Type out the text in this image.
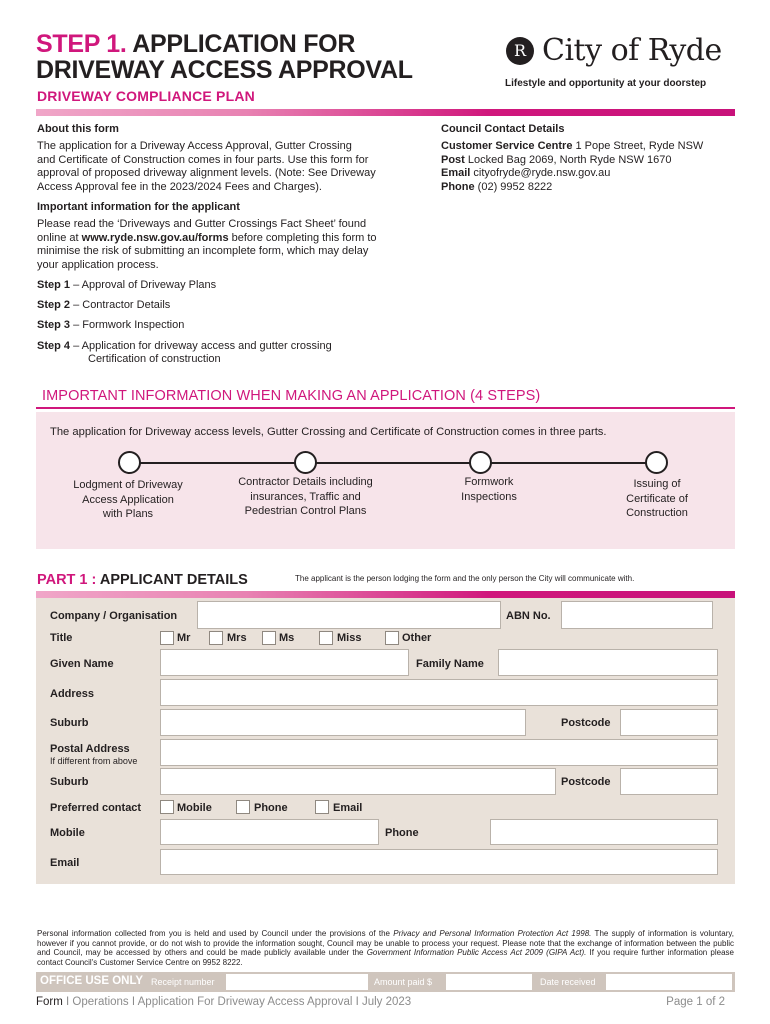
STEP 1. APPLICATION FOR
DRIVEWAY ACCESS APPROVAL
DRIVEWAY COMPLIANCE PLAN
R City of Ryde
Lifestyle and opportunity at your doorstep
About this form
The application for a Driveway Access Approval, Gutter Crossing
and Certificate of Construction comes in four parts. Use this form for
approval of proposed driveway alignment levels. (Note: See Driveway
Access Approval fee in the 2023/2024 Fees and Charges).
Important information for the applicant
Please read the ‘Driveways and Gutter Crossings Fact Sheet’ found
online at www.ryde.nsw.gov.au/forms before completing this form to
minimise the risk of submitting an incomplete form, which may delay
your application process.
Step 1 – Approval of Driveway Plans
Step 2 – Contractor Details
Step 3 – Formwork Inspection
Step 4 – Application for driveway access and gutter crossing
Certification of construction
Council Contact Details
Customer Service Centre 1 Pope Street, Ryde NSW
Post Locked Bag 2069, North Ryde NSW 1670
Email cityofryde@ryde.nsw.gov.au
Phone (02) 9952 8222
IMPORTANT INFORMATION WHEN MAKING AN APPLICATION (4 STEPS)
The application for Driveway access levels, Gutter Crossing and Certificate of Construction comes in three parts.
Lodgment of Driveway
Access Application
with Plans
Contractor Details including
insurances, Traffic and
Pedestrian Control Plans
Formwork
Inspections
Issuing of
Certificate of
Construction
PART 1 : APPLICANT DETAILS	The applicant is the person lodging the form and the only person the City will communicate with.
Company / Organisation	ABN No.
Title	Mr	Mrs	Ms	Miss	Other
Given Name	Family Name
Address
Suburb	Postcode
Postal Address
If different from above
Suburb	Postcode
Preferred contact	Mobile	Phone	Email
Mobile	Phone
Email
Personal information collected from you is held and used by Council under the provisions of the Privacy and Personal Information Protection Act 1998. The supply of information is voluntary, however if you cannot provide, or do not wish to provide the information sought, Council may be unable to process your request. Please note that the exchange of information between the public and Council, may be accessed by others and could be made publicly available under the Government Information Public Access Act 2009 (GIPA Act). If you require further information please contact Council's Customer Service Centre on 9952 8222.
OFFICE USE ONLY Receipt number	Amount paid $	Date received
Form I Operations I Application For Driveway Access Approval I July 2023	Page 1 of 2
